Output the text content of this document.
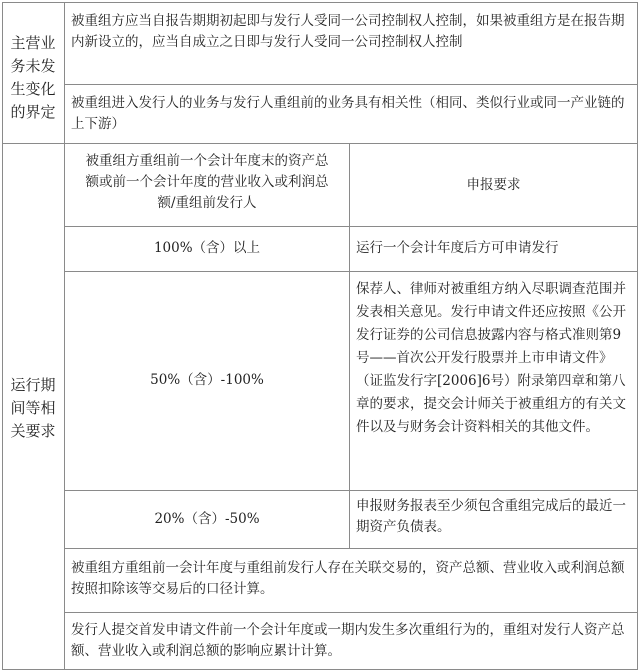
主营业务未发生变化的界定
被重组方应当自报告期期初起即与发行人受同一公司控制权人控制，如果被重组方是在报告期内新设立的，应当自成立之日即与发行人受同一公司控制权人控制
被重组进入发行人的业务与发行人重组前的业务具有相关性（相同、类似行业或同一产业链的上下游）
运行期间等相关要求
被重组方重组前一个会计年度末的资产总额或前一个会计年度的营业收入或利润总额/重组前发行人
申报要求
100%（含）以上	运行一个会计年度后方可申请发行
50%（含）-100%
保荐人、律师对被重组方纳入尽职调查范围并发表相关意见。发行申请文件还应按照《公开发行证券的公司信息披露内容与格式准则第9号——首次公开发行股票并上市申请文件》（证监发行字[2006]6号）附录第四章和第八章的要求，提交会计师关于被重组方的有关文件以及与财务会计资料相关的其他文件。
20%（含）-50%
申报财务报表至少须包含重组完成后的最近一期资产负债表。
被重组方重组前一会计年度与重组前发行人存在关联交易的，资产总额、营业收入或利润总额按照扣除该等交易后的口径计算。
发行人提交首发申请文件前一个会计年度或一期内发生多次重组行为的，重组对发行人资产总额、营业收入或利润总额的影响应累计计算。
